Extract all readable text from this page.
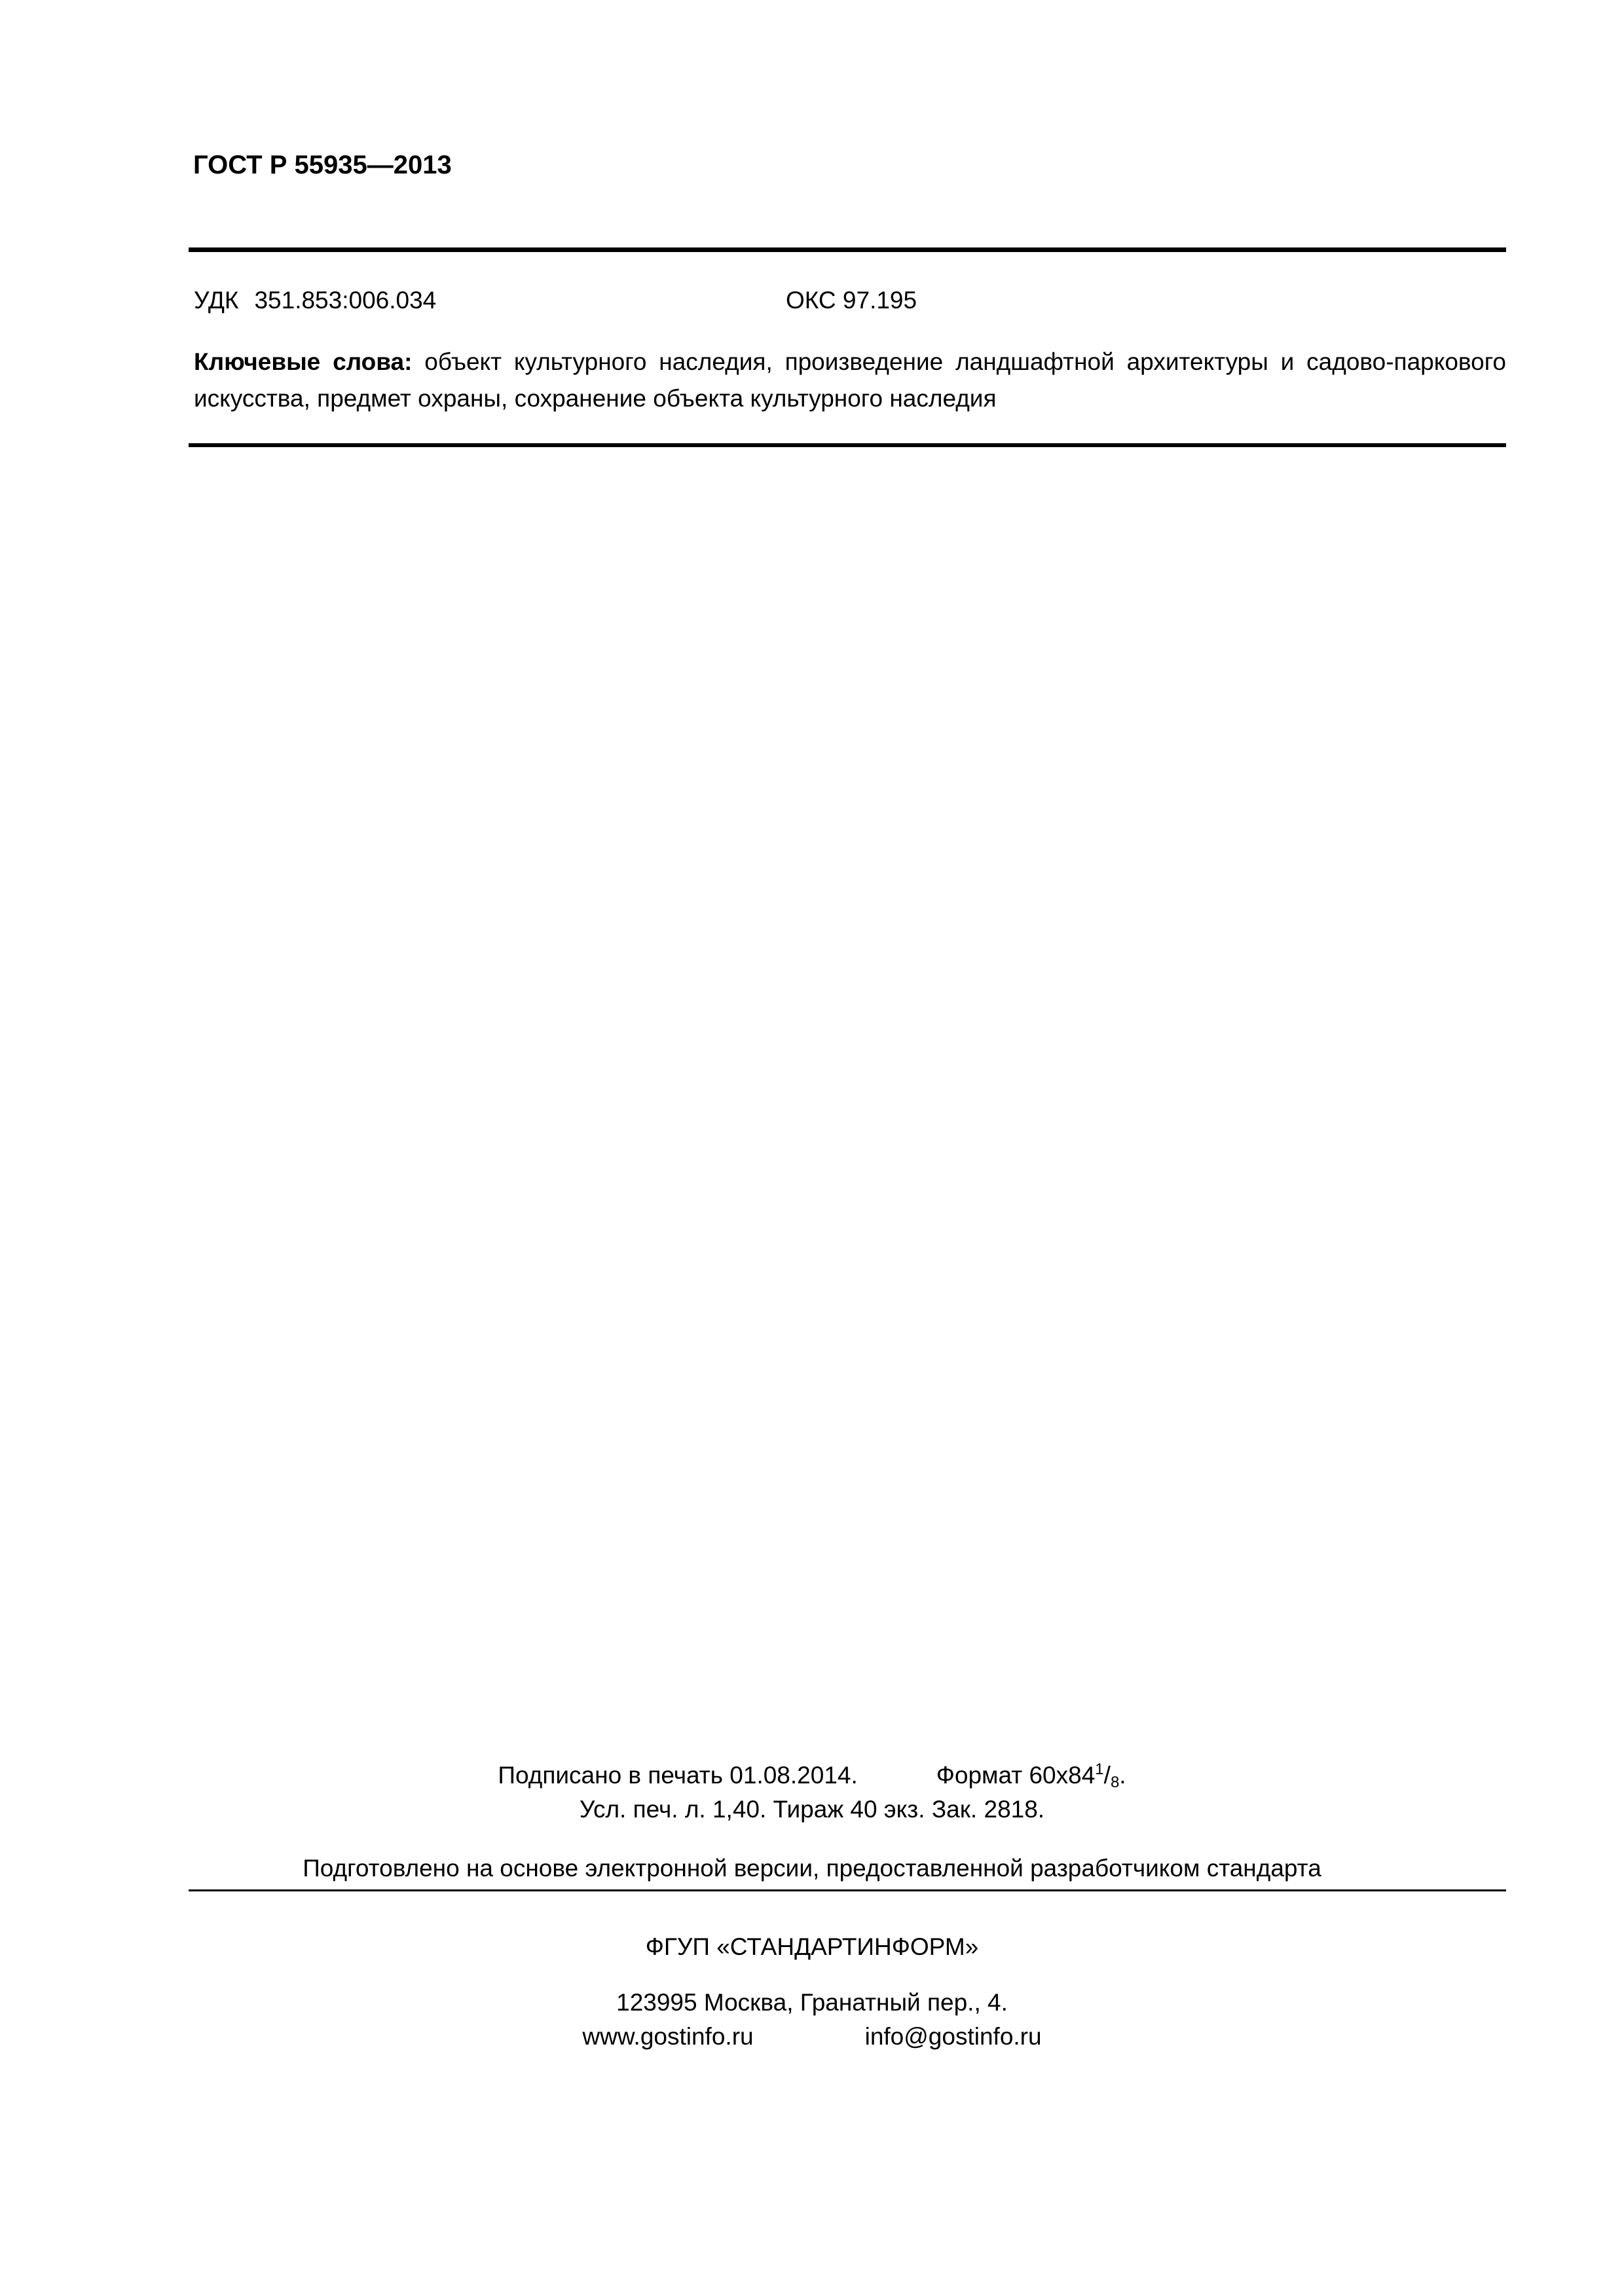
ГОСТ Р 55935—2013
УДК 351.853:006.034	ОКС 97.195
Ключевые слова: объект культурного наследия, произведение ландшафтной архитектуры и садово-паркового искусства, предмет охраны, сохранение объекта культурного наследия
Подписано в печать 01.08.2014.	Формат $60x84^1/_8$.
Усл. печ. л. 1,40. Тираж 40 экз. Зак. 2818.
Подготовлено на основе электронной версии, предоставленной разработчиком стандарта
ФГУП «СТАНДАРТИНФОРМ»
123995 Москва, Гранатный пер., 4.
www.gostinfo.ru	info@gostinfo.ru
